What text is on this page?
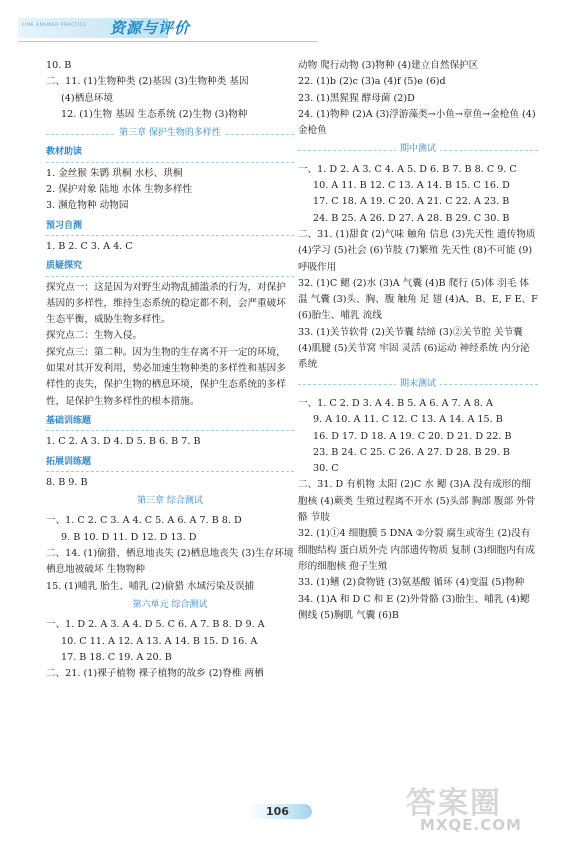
FINE ANSWER PRACTICE 资源与评价
10. B
二、11. (1)生物种类 (2)基因 (3)生物种类 基因
(4)栖息环境
12. (1)生物 基因 生态系统 (2)生物 (3)物种
第三章 保护生物的多样性
教材助读
1. 金丝猴 朱鹮 珙桐 水杉、珙桐
2. 保护对象 陆地 水体 生物多样性
3. 濒危物种 动物园
预习自测
1. B 2. C 3. A 4. C
质疑探究
探究点一：这是因为对野生动物乱捕滥杀的行为，对保护基因的多样性，维持生态系统的稳定都不利，会严重破坏生态平衡，威胁生物多样性。
探究点二：生物入侵。
探究点三：第二种。因为生物的生存离不开一定的环境，如果对其开发利用，势必加速生物种类的多样性和基因多样性的丧失，保护生物的栖息环境，保护生态系统的多样性，是保护生物多样性的根本措施。
基础训练题
1. C 2. A 3. D 4. D 5. B 6. B 7. B
拓展训练题
8. B 9. B
第三章 综合测试
一、1. C 2. C 3. A 4. C 5. A 6. A 7. B 8. D
9. B 10. D 11. D 12. D 13. D
二、14. (1)偷猎、栖息地丧失 (2)栖息地丧失 (3)生存环境 栖息地被破坏 生物物种
15. (1)哺乳 胎生、哺乳 (2)偷猎 水域污染及误捕
第六单元 综合测试
一、1. D 2. A 3. A 4. D 5. C 6. A 7. B 8. D 9. A
10. C 11. A 12. A 13. A 14. B 15. D 16. A
17. B 18. C 19. A 20. B
二、21. (1)裸子植物 裸子植物的故乡 (2)脊椎 两栖
动物 爬行动物 (3)物种 (4)建立自然保护区
22. (1)b (2)c (3)a (4)f (5)e (6)d
23. (1)黑猩猩 酵母菌 (2)D
24. (1)物种 (2)A (3)浮游藻类→小鱼→章鱼→金枪鱼 (4)金枪鱼
期中测试
一、1. D 2. A 3. C 4. A 5. D 6. B 7. B 8. C 9. C
10. A 11. B 12. C 13. A 14. B 15. C 16. D
17. C 18. A 19. C 20. A 21. C 22. A 23. B
24. B 25. A 26. D 27. A 28. B 29. C 30. B
二、31. (1)甜食 (2)气味 触角 信息 (3)先天性 遗传物质 (4)学习 (5)社会 (6)节肢 (7)繁殖 先天性 (8)不可能 (9)呼吸作用
32. (1)C 鳃 (2)水 (3)A 气囊 (4)B 爬行 (5)体 羽毛 体温 气囊 (3)头、胸、腹 触角 足 翅 (4)A、B、E, F E、F (6)胎生、哺乳 流线
33. (1)关节软骨 (2)关节囊 结缔 (3)②关节腔 关节囊 (4)肌腱 (5)关节窝 牢固 灵活 (6)运动 神经系统 内分泌系统
期末测试
一、1. C 2. D 3. A 4. B 5. A 6. A 7. A 8. A
9. A 10. A 11. C 12. C 13. A 14. A 15. B
16. D 17. D 18. A 19. C 20. D 21. D 22. B
23. B 24. C 25. C 26. A 27. D 28. B 29. B
30. C
二、31. D 有机物 太阳 (2)C 水 鳃 (3)A 没有成形的细胞核 (4)蕨类 生殖过程离不开水 (5)头部 胸部 腹部 外骨骼 节肢
32. (1)①4 细胞膜 5 DNA ②分裂 腐生或寄生 (2)没有细胞结构 蛋白质外壳 内部遗传物质 复制 (3)细胞内有成形的细胞核 孢子生殖
33. (1)鳍 (2)食物链 (3)氨基酸 循环 (4)变温 (5)物种
34. (1)A 和 D C 和 E (2)外骨骼 (3)胎生、哺乳 (4)鳃 侧线 (5)胸肌 气囊 (6)B
106	答案圈
MXQE.COM
